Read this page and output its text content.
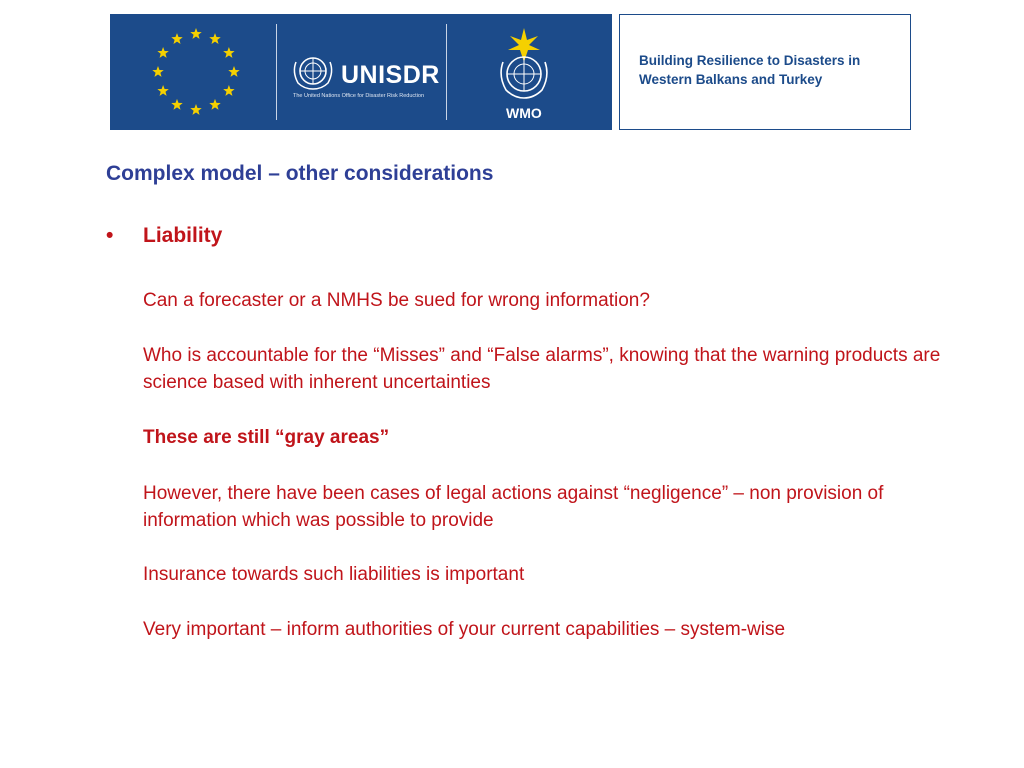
UNISDR
The United Nations Office for Disaster Risk Reduction
WMO
Building Resilience to Disasters in
Western Balkans and Turkey
Complex model – other considerations
• Liability
Can a forecaster or a NMHS be sued for wrong information?
Who is accountable for the “Misses” and “False alarms”, knowing that the warning products are science based with inherent uncertainties
These are still “gray areas”
However, there have been cases of legal actions against “negligence” – non provision of information which was possible to provide
Insurance towards such liabilities is important
Very important – inform authorities of your current capabilities – system-wise
